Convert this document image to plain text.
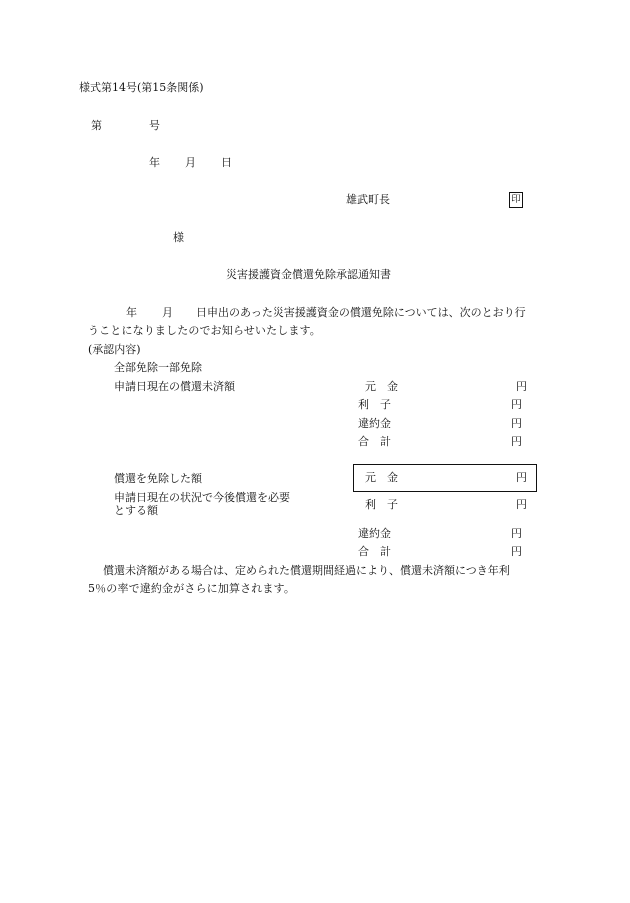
様式第14号(第15条関係)
第	号
年 月 日
雄武町長	印
様
災害援護資金償還免除承認通知書
年 月 日申出のあった災害援護資金の償還免除については、次のとおり行
うことになりましたのでお知らせいたします。
(承認内容)
全部免除一部免除
申請日現在の償還未済額	元　金	円
利　子	円
違約金	円
合　計	円
償還を免除した額	元　金	円
申請日現在の状況で今後償還を必要
とする額	利　子	円
違約金	円
合　計	円
償還未済額がある場合は、定められた償還期間経過により、償還未済額につき年利
5％の率で違約金がさらに加算されます。
